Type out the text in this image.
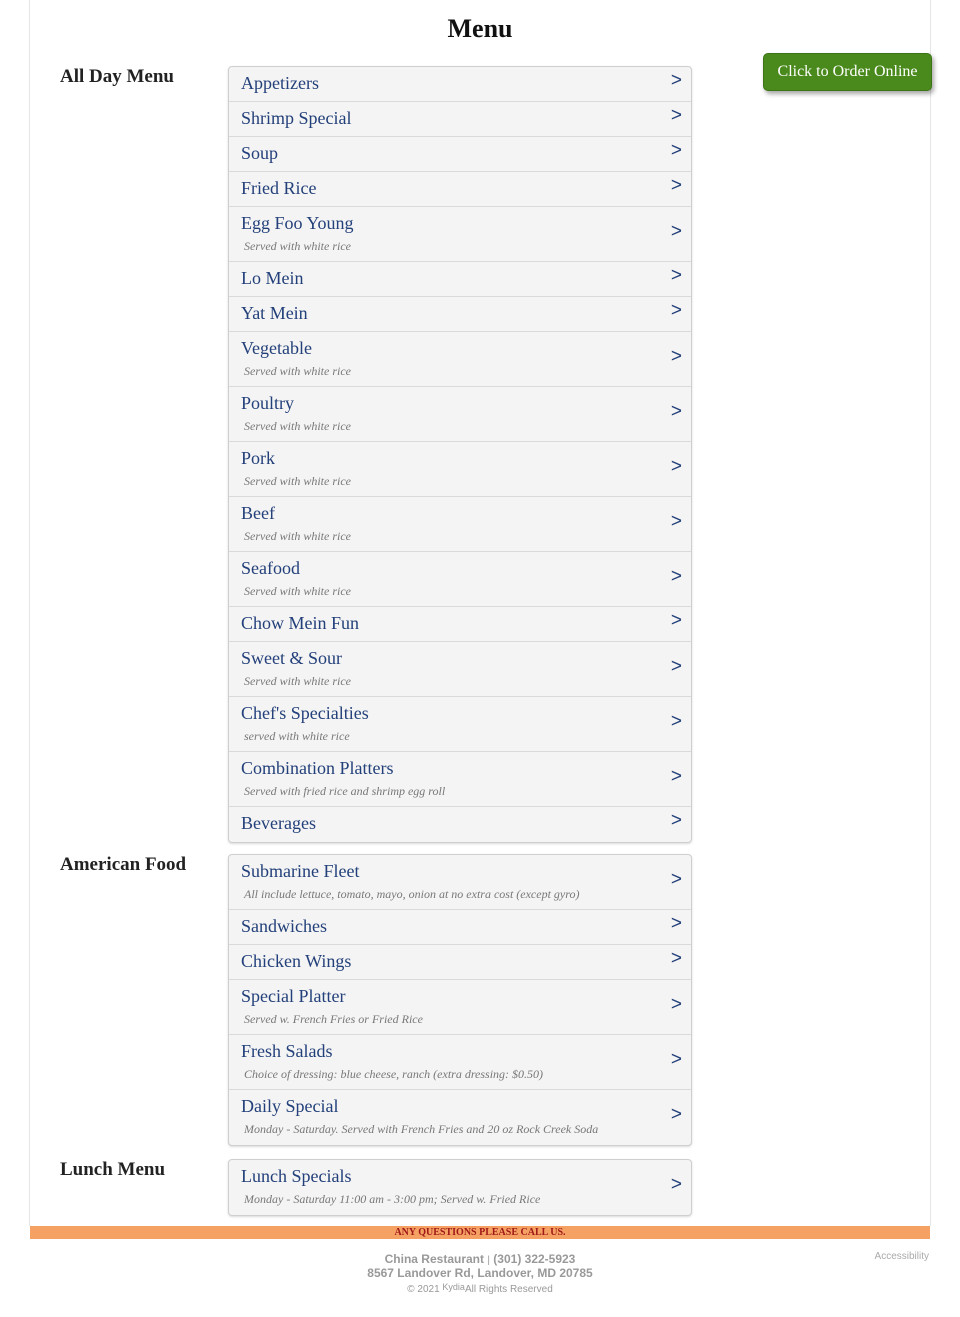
Menu
Click to Order Online
All Day Menu	Appetizers	>
Shrimp Special	>
Soup	>
Fried Rice	>
Egg Foo Young
Served with white rice
>
Lo Mein	>
Yat Mein	>
Vegetable
Served with white rice
>
Poultry
Served with white rice
>
Pork
Served with white rice
>
Beef
Served with white rice
>
Seafood
Served with white rice
>
Chow Mein Fun	>
Sweet & Sour
Served with white rice
>
Chef's Specialties
served with white rice
>
Combination Platters
Served with fried rice and shrimp egg roll
>
Beverages	>
American Food	Submarine Fleet
All include lettuce, tomato, mayo, onion at no extra cost (except gyro)
>
Sandwiches	>
Chicken Wings	>
Special Platter
Served w. French Fries or Fried Rice
>
Fresh Salads
Choice of dressing: blue cheese, ranch (extra dressing: $0.50)
>
Daily Special
Monday - Saturday. Served with French Fries and 20 oz Rock Creek Soda
>
Lunch Menu	Lunch Specials
Monday - Saturday 11:00 am - 3:00 pm; Served w. Fried Rice
>
ANY QUESTIONS PLEASE CALL US.
China Restaurant | (301) 322-5923
8567 Landover Rd, Landover, MD 20785
© 2021 KydiaAll Rights Reserved
Accessibility
